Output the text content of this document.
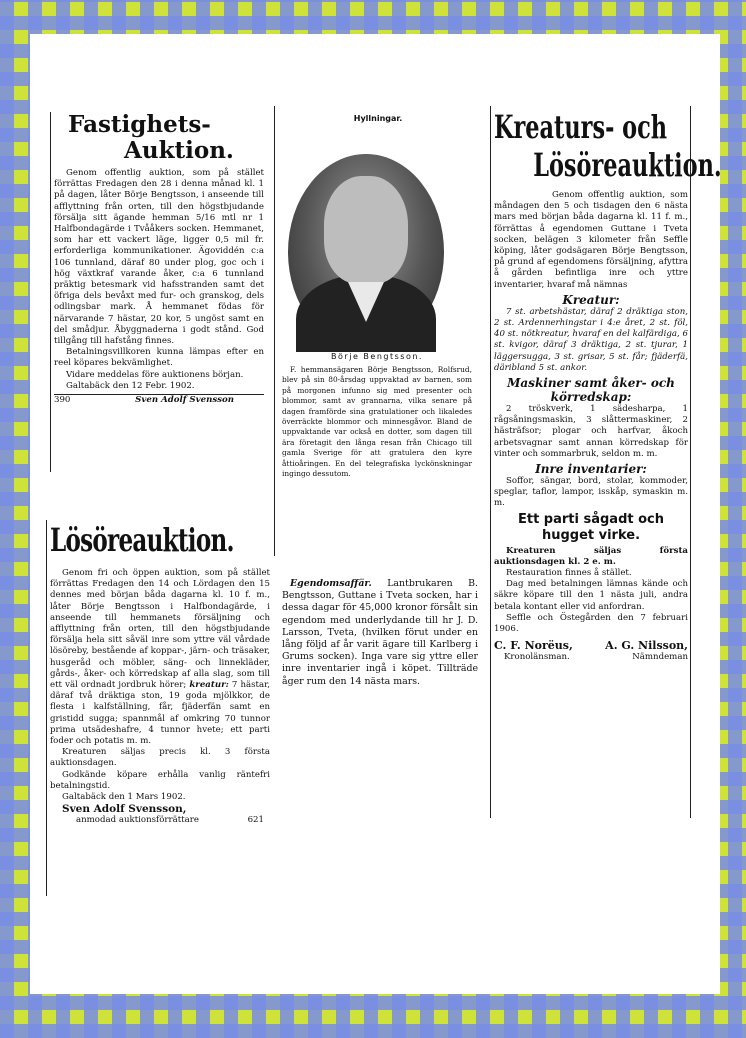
Fastighets-
Auktion.

Genom offentlig auktion, som på stället förrättas Fredagen den 28 i denna månad kl. 1 på dagen, låter Börje Bengtsson, i anseende till afflyttning från orten, till den högstbjudande försälja sitt ägande hemman 5/16 mtl nr 1 Halfbondagärde i Tvååkers socken. Hemmanet, som har ett vackert läge, ligger 0,5 mil fr. erforderliga kommunikationer. Ägoviddén c:a 106 tunnland, däraf 80 under plog, goc och i hög växtkraf varande åker, c:a 6 tunnland präktig betesmark vid hafsstranden samt det öfriga dels bevåxt med fur- och granskog, dels odlingsbar mark. Å hemmanet födas för närvarande 7 hästar, 20 kor, 5 ungöst samt en del smådjur. Åbyggnaderna i godt stånd. God tillgång till hafstång finnes.

Betalningsvillkoren kunna lämpas efter en reel köpares bekvämlighet.

Vidare meddelas före auktionens början.

Galtabäck den 12 Febr. 1902.

390	Sven Adolf Svensson
Lösöreauktion.

Genom fri och öppen auktion, som på stället förrättas Fredagen den 14 och Lördagen den 15 dennes med början båda dagarna kl. 10 f. m., låter Börje Bengtsson i Halfbondagärde, i anseende till hemmanets försäljning och afflyttning från orten, till den högstbjudande försälja hela sitt såväl inre som yttre väl vårdade lösöreby, bestående af koppar-, järn- och träsaker, husgeråd och möbler, säng- och linnekläder, gårds-, åker- och körredskap af alla slag, som till ett väl ordnadt jordbruk hörer; kreatur: 7 hästar, däraf två dräktiga ston, 19 goda mjölkkor, de flesta i kalfställning, får, fjäderfän samt en gristidd sugga; spannmål af omkring 70 tunnor prima utsädeshafre, 4 tunnor hvete; ett parti foder och potatis m. m.

Kreaturen säljas precis kl. 3 första auktionsdagen.

Godkände köpare erhålla vanlig räntefri betalningstid.

Galtabäck den 1 Mars 1902.

Sven Adolf Svensson,
anmodad auktionsförrättare	621
Hyllningar.
Börje Bengtsson.

F. hemmansägaren Börje Bengtsson, Rolfsrud, blev på sin 80-årsdag uppvaktad av barnen, som på morgonen infunno sig med presenter och blommor, samt av grannarna, vilka senare på dagen framförde sina gratulationer och likaledes överräckte blommor och minnesgåvor. Bland de uppvaktande var också en dotter, som dagen till ära företagit den långa resan från Chicago till gamla Sverige för att gratulera den kyre åttioåringen. En del telegrafiska lyckönskningar ingingo dessutom.

Egendomsaffär. Lantbrukaren B. Bengtsson, Guttane i Tveta socken, har i dessa dagar för 45,000 kronor försålt sin egendom med underlydande till hr J. D. Larsson, Tveta, (hvilken förut under en lång följd af år varit ägare till Karlberg i Grums socken). Inga vare sig yttre eller inre inventarier ingå i köpet. Tillträde åger rum den 14 nästa mars.

Kreaturs- och
Lösöreauktion.

Genom offentlig auktion, som måndagen den 5 och tisdagen den 6 nästa mars med början båda dagarna kl. 11 f. m., förrättas å egendomen Guttane i Tveta socken, belägen 3 kilometer från Seffle köping, låter godsägaren Börje Bengtsson, på grund af egendomens försäljning, afyttra å gården befintliga inre och yttre inventarier, hvaraf må nämnas

Kreatur:

7 st. arbetshästar, däraf 2 dräktiga ston, 2 st. Ardennerhingstar i 4:e året, 2 st. föl, 40 st. nötkreatur, hvaraf en del kalfärdiga, 6 st. kvigor, däraf 3 dräktiga, 2 st. tjurar, 1 läggersugga, 3 st. grisar, 5 st. får; fjäderfä, däribland 5 st. ankor.

Maskiner samt åker- och körredskap:

2 tröskverk, 1 sädesharpa, 1 rågsåningsmaskin, 3 slåttermaskiner, 2 hästräfsor; plogar och harfvar, åkoch arbetsvagnar samt annan körredskap för vinter och sommarbruk, seldon m. m.

Inre inventarier:

Soffor, sängar, bord, stolar, kommoder, speglar, taflor, lampor, isskåp, symaskin m. m.

Ett parti sågadt och hugget virke.

Kreaturen säljas första auktionsdagen kl. 2 e. m.

Restauration finnes å stället.

Dag med betalningen lämnas kände och säkre köpare till den 1 nästa juli, andra betala kontant eller vid anfordran.

Seffle och Östegården den 7 februari 1906.

C. F. Norëus,	A. G. Nilsson,
Kronolänsman.	Nämndeman
